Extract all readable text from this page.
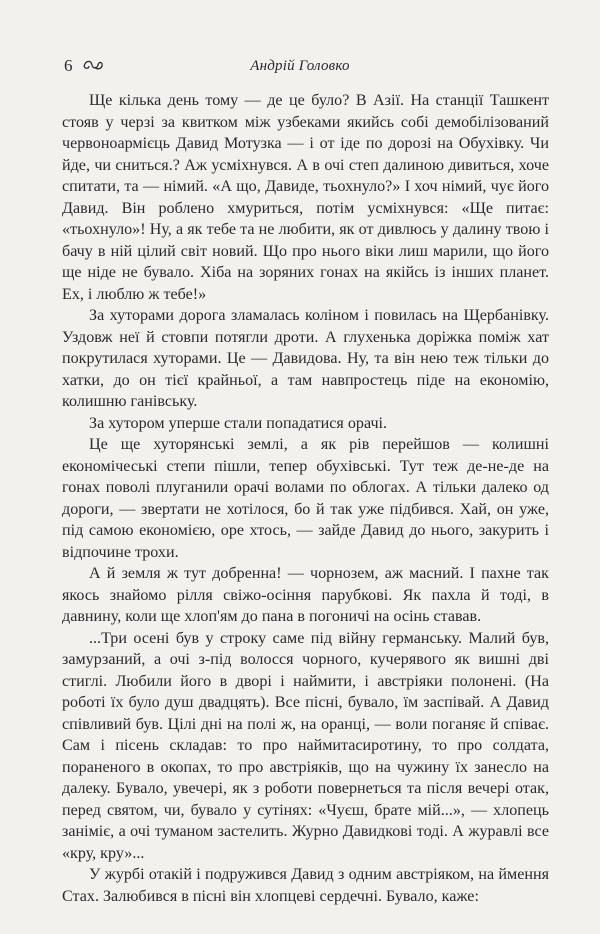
6	Андрій Головко

Ще кілька день тому — де це було? В Азії. На станції Ташкент стояв у черзі за квитком між узбеками якийсь собі демобілізований червоноармієць Давид Мотузка — і от іде по дорозі на Обухівку. Чи йде, чи сниться.? Аж усміхнувся. А в очі степ далиною дивиться, хоче спитати, та — німий. «А що, Давиде, тьохнуло?» І хоч німий, чує його Давид. Він роблено хмуриться, потім усміхнувся: «Ще питає: «тьохнуло»! Ну, а як тебе та не любити, як от дивлюсь у далину твою і бачу в ній цілий світ новий. Що про нього віки лиш марили, що його ще ніде не бувало. Хіба на зоряних гонах на якійсь із інших планет. Ех, і люблю ж тебе!»

За хуторами дорога зламалась коліном і повилась на Щербанівку. Уздовж неї й стовпи потягли дроти. А глухенька доріжка поміж хат покрутилася хуторами. Це — Давидова. Ну, та він нею теж тільки до хатки, до он тієї крайньої, а там навпростець піде на економію, колишню ганівську.

За хутором уперше стали попадатися орачі.

Це ще хуторянські землі, а як рів перейшов — колишні економічеські степи пішли, тепер обухівські. Тут теж де-не-де на гонах поволі плуганили орачі волами по облогах. А тільки далеко од дороги, — звертати не хотілося, бо й так уже підбився. Хай, он уже, під самою економією, оре хтось, — зайде Давид до нього, закурить і відпочине трохи.

А й земля ж тут добренна! — чорнозем, аж масний. І пахне так якось знайомо рілля свіжо-осіння парубкові. Як пахла й тоді, в давнину, коли ще хлоп'ям до пана в погоничі на осінь ставав.

...Три осені був у строку саме під війну германську. Малий був, замурзаний, а очі з-під волосся чорного, кучерявого як вишні дві стиглі. Любили його в дворі і наймити, і австріяки полонені. (На роботі їх було душ двадцять). Все пісні, бувало, їм заспівай. А Давид співливий був. Цілі дні на полі ж, на оранці, — воли поганяє й співає. Сам і пісень складав: то про наймитасиротину, то про солдата, пораненого в окопах, то про австріяків, що на чужину їх занесло на далеку. Бувало, увечері, як з роботи повернеться та після вечері отак, перед святом, чи, бувало у сутінях: «Чуєш, брате мій...», — хлопець заніміє, а очі туманом застелить. Журно Давидкові тоді. А журавлі все «кру, кру»...

У журбі отакій і подружився Давид з одним австріяком, на ймення Стах. Залюбився в пісні він хлопцеві сердечні. Бувало, каже:
